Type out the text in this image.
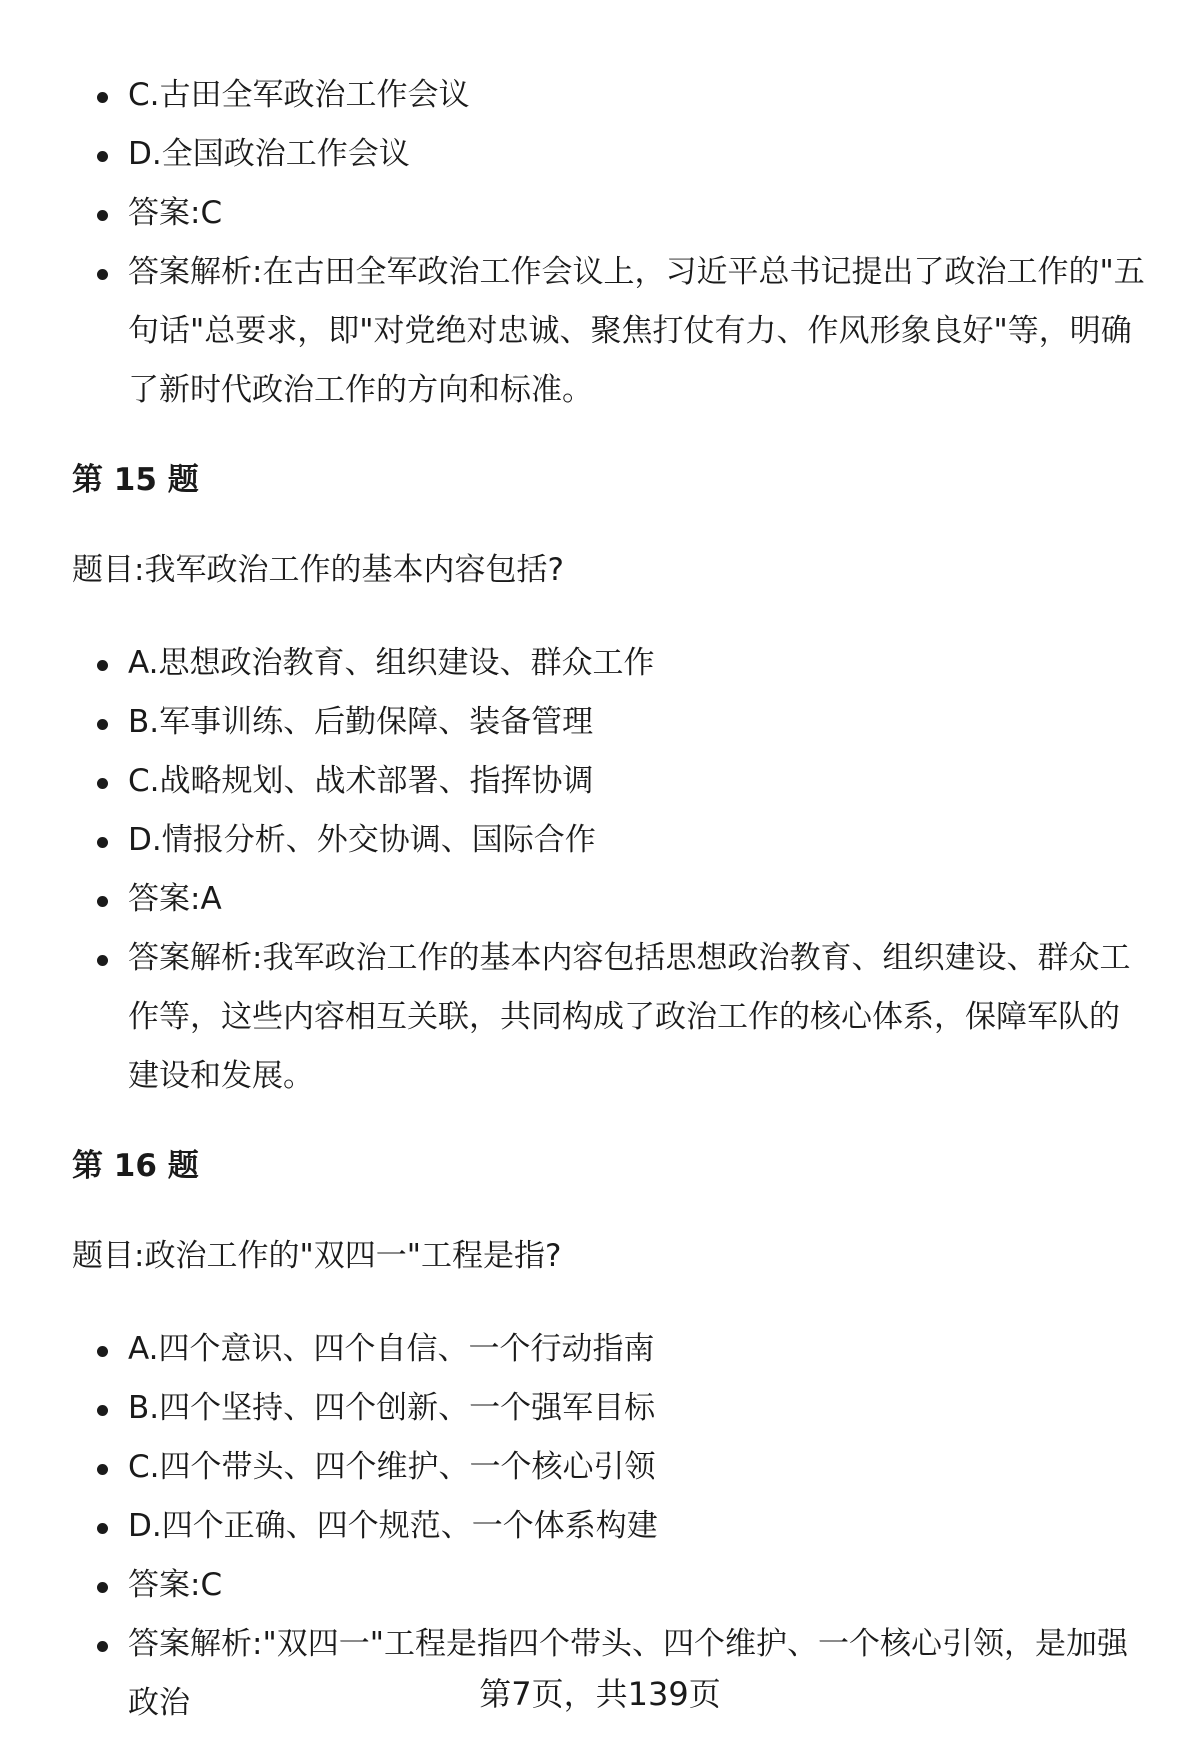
C.古田全军政治工作会议
D.全国政治工作会议
答案:C
答案解析:在古田全军政治工作会议上，习近平总书记提出了政治工作的"五句话"总要求，即"对党绝对忠诚、聚焦打仗有力、作风形象良好"等，明确了新时代政治工作的方向和标准。
第 15 题
题目:我军政治工作的基本内容包括?
A.思想政治教育、组织建设、群众工作
B.军事训练、后勤保障、装备管理
C.战略规划、战术部署、指挥协调
D.情报分析、外交协调、国际合作
答案:A
答案解析:我军政治工作的基本内容包括思想政治教育、组织建设、群众工作等，这些内容相互关联，共同构成了政治工作的核心体系，保障军队的建设和发展。
第 16 题
题目:政治工作的"双四一"工程是指?
A.四个意识、四个自信、一个行动指南
B.四个坚持、四个创新、一个强军目标
C.四个带头、四个维护、一个核心引领
D.四个正确、四个规范、一个体系构建
答案:C
答案解析:"双四一"工程是指四个带头、四个维护、一个核心引领，是加强政治	第7页，共139页
